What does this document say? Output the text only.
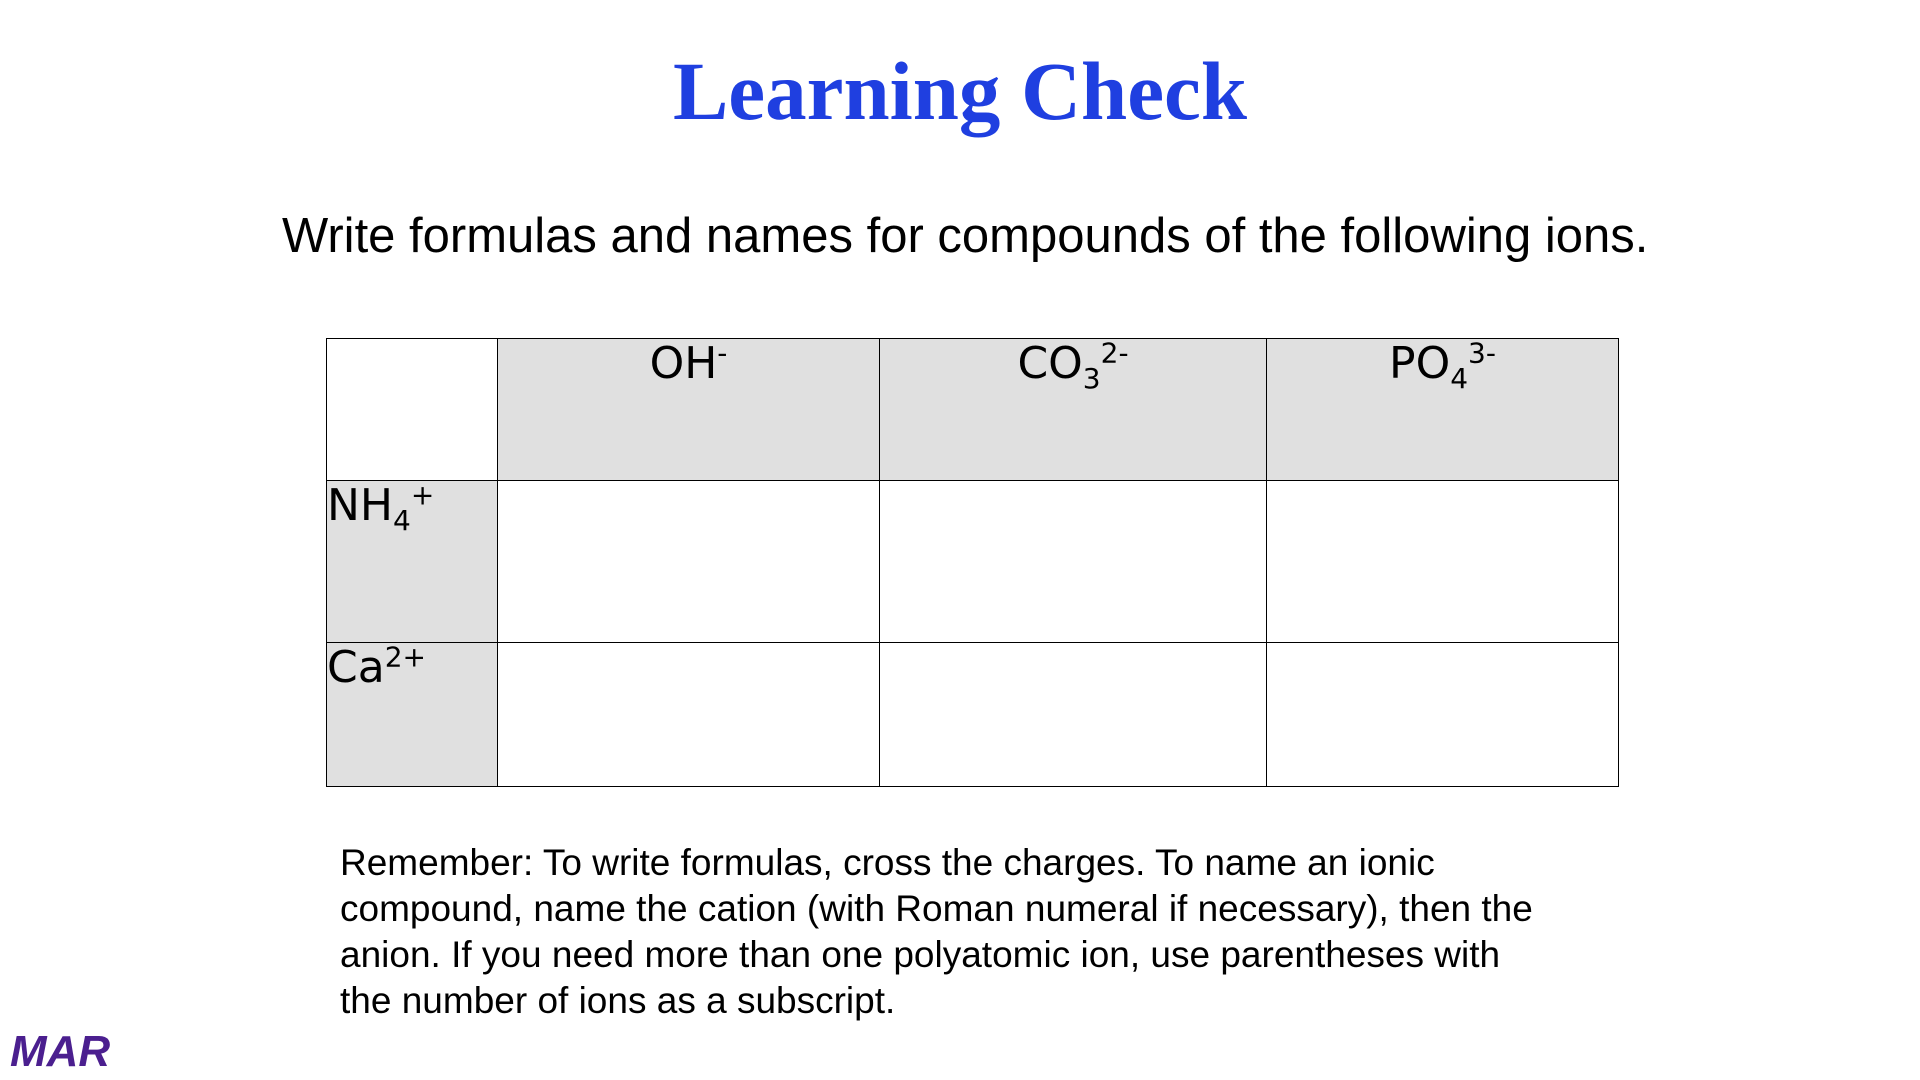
Learning Check
Write formulas and names for compounds of the following ions.
	OH-	$CO_3^{2-}$	$PO_4^{3-}$
$NH_4^+$			
$Ca^{2+}$			
Remember: To write formulas, cross the charges. To name an ionic
compound, name the cation (with Roman numeral if necessary), then the
anion. If you need more than one polyatomic ion, use parentheses with
the number of ions as a subscript.
MAR
